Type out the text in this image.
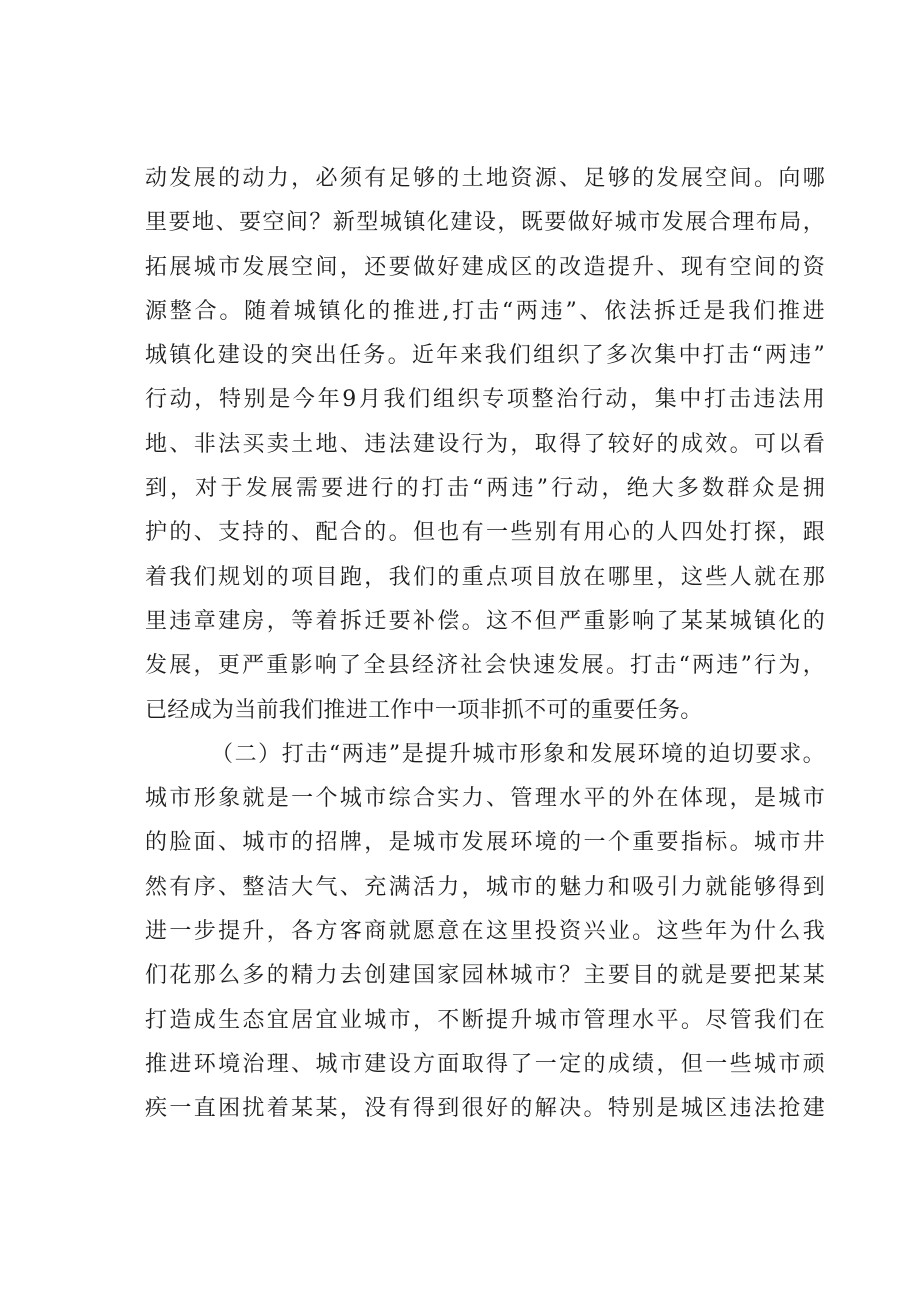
动发展的动力，必须有足够的土地资源、足够的发展空间。向哪
里要地、要空间？新型城镇化建设，既要做好城市发展合理布局，
拓展城市发展空间，还要做好建成区的改造提升、现有空间的资
源整合。随着城镇化的推进,打击“两违”、依法拆迁是我们推进
城镇化建设的突出任务。近年来我们组织了多次集中打击“两违”
行动，特别是今年9月我们组织专项整治行动，集中打击违法用
地、非法买卖土地、违法建设行为，取得了较好的成效。可以看
到，对于发展需要进行的打击“两违”行动，绝大多数群众是拥
护的、支持的、配合的。但也有一些别有用心的人四处打探，跟
着我们规划的项目跑，我们的重点项目放在哪里，这些人就在那
里违章建房，等着拆迁要补偿。这不但严重影响了某某城镇化的
发展，更严重影响了全县经济社会快速发展。打击“两违”行为，
已经成为当前我们推进工作中一项非抓不可的重要任务。
（二）打击“两违”是提升城市形象和发展环境的迫切要求。
城市形象就是一个城市综合实力、管理水平的外在体现，是城市
的脸面、城市的招牌，是城市发展环境的一个重要指标。城市井
然有序、整洁大气、充满活力，城市的魅力和吸引力就能够得到
进一步提升，各方客商就愿意在这里投资兴业。这些年为什么我
们花那么多的精力去创建国家园林城市？主要目的就是要把某某
打造成生态宜居宜业城市，不断提升城市管理水平。尽管我们在
推进环境治理、城市建设方面取得了一定的成绩，但一些城市顽
疾一直困扰着某某，没有得到很好的解决。特别是城区违法抢建
